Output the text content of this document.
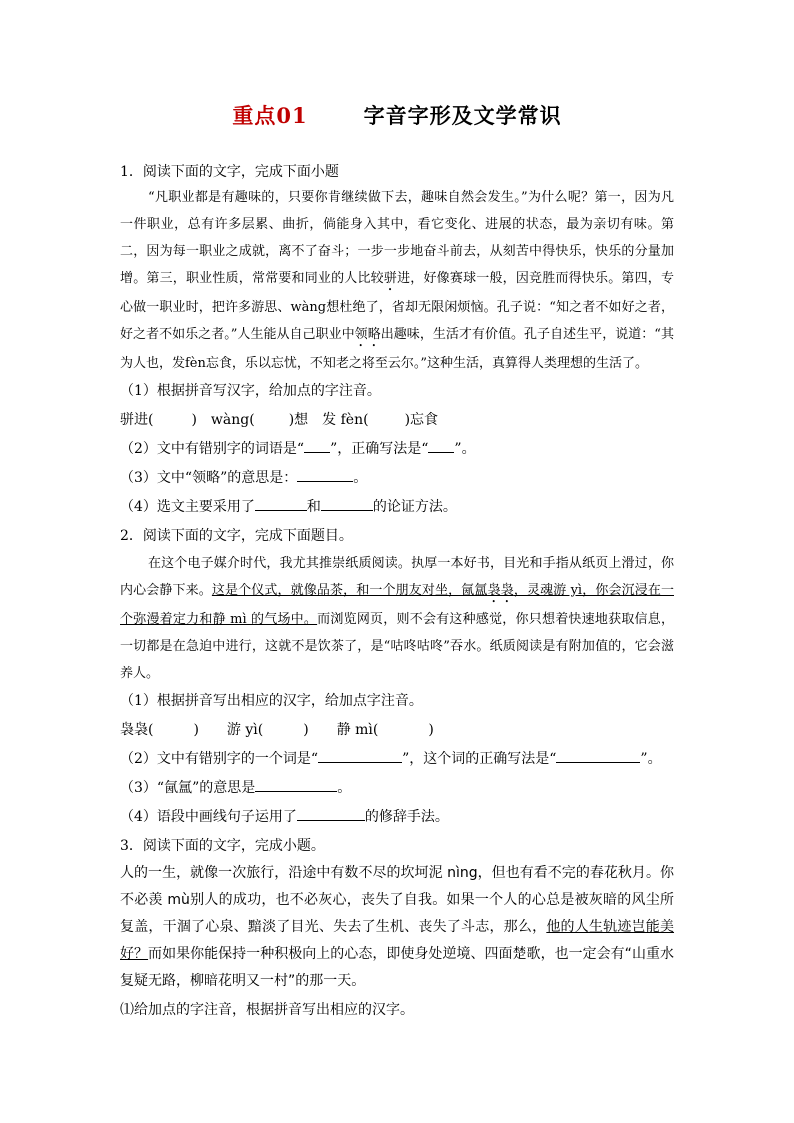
重点01	字音字形及文学常识

1．阅读下面的文字，完成下面小题

“凡职业都是有趣味的，只要你肯继续做下去，趣味自然会发生。”为什么呢？第一，因为凡一件职业，总有许多层累、曲折，倘能身入其中，看它变化、进展的状态，最为亲切有味。第二，因为每一职业之成就，离不了奋斗；一步一步地奋斗前去，从刻苦中得快乐，快乐的分量加增。第三，职业性质，常常要和同业的人比较骈进，好像赛球一般，因竞胜而得快乐。第四，专心做一职业时，把许多游思、wàng想杜绝了，省却无限闲烦恼。孔子说：“知之者不如好之者，好之者不如乐之者。”人生能从自己职业中领略出趣味，生活才有价值。孔子自述生平，说道：“其为人也，发fèn忘食，乐以忘忧，不知老之将至云尔。”这种生活，真算得人类理想的生活了。

（1）根据拼音写汉字，给加点的字注音。

骈进(	)　wàng( )想　发 fèn(	)忘食

（2）文中有错别字的词语是“ ”，正确写法是“ ”。

（3）文中“领略”的意思是：	。

（4）选文主要采用了	和	的论证方法。

2．阅读下面的文字，完成下面题目。

在这个电子媒介时代，我尤其推崇纸质阅读。执厚一本好书，目光和手指从纸页上滑过，你内心会静下来。这是个仪式，就像品茶，和一个朋友对坐，氤氲袅袅，灵魂游 yì，你会沉浸在一个弥漫着定力和静 mì 的气场中。而浏览网页，则不会有这种感觉，你只想着快速地获取信息，一切都是在急迫中进行，这就不是饮茶了，是“咕咚咕咚”吞水。纸质阅读是有附加值的，它会滋养人。

（1）根据拼音写出相应的汉字，给加点字注音。

袅袅(	)　　游 yì(	)　　静 mì(	)

（2）文中有错别字的一个词是“	”，这个词的正确写法是“	”。

（3）“氤氲”的意思是	。

（4）语段中画线句子运用了	的修辞手法。

3．阅读下面的文字，完成小题。

人的一生，就像一次旅行，沿途中有数不尽的坎坷泥 nìng，但也有看不完的春花秋月。你不必羡 mù别人的成功，也不必灰心，丧失了自我。如果一个人的心总是被灰暗的风尘所复盖，干涸了心泉、黯淡了目光、失去了生机、丧失了斗志，那么，他的人生轨迹岂能美好？而如果你能保持一种积极向上的心态，即使身处逆境、四面楚歌，也一定会有“山重水复疑无路，柳暗花明又一村”的那一天。

⑴给加点的字注音，根据拼音写出相应的汉字。
